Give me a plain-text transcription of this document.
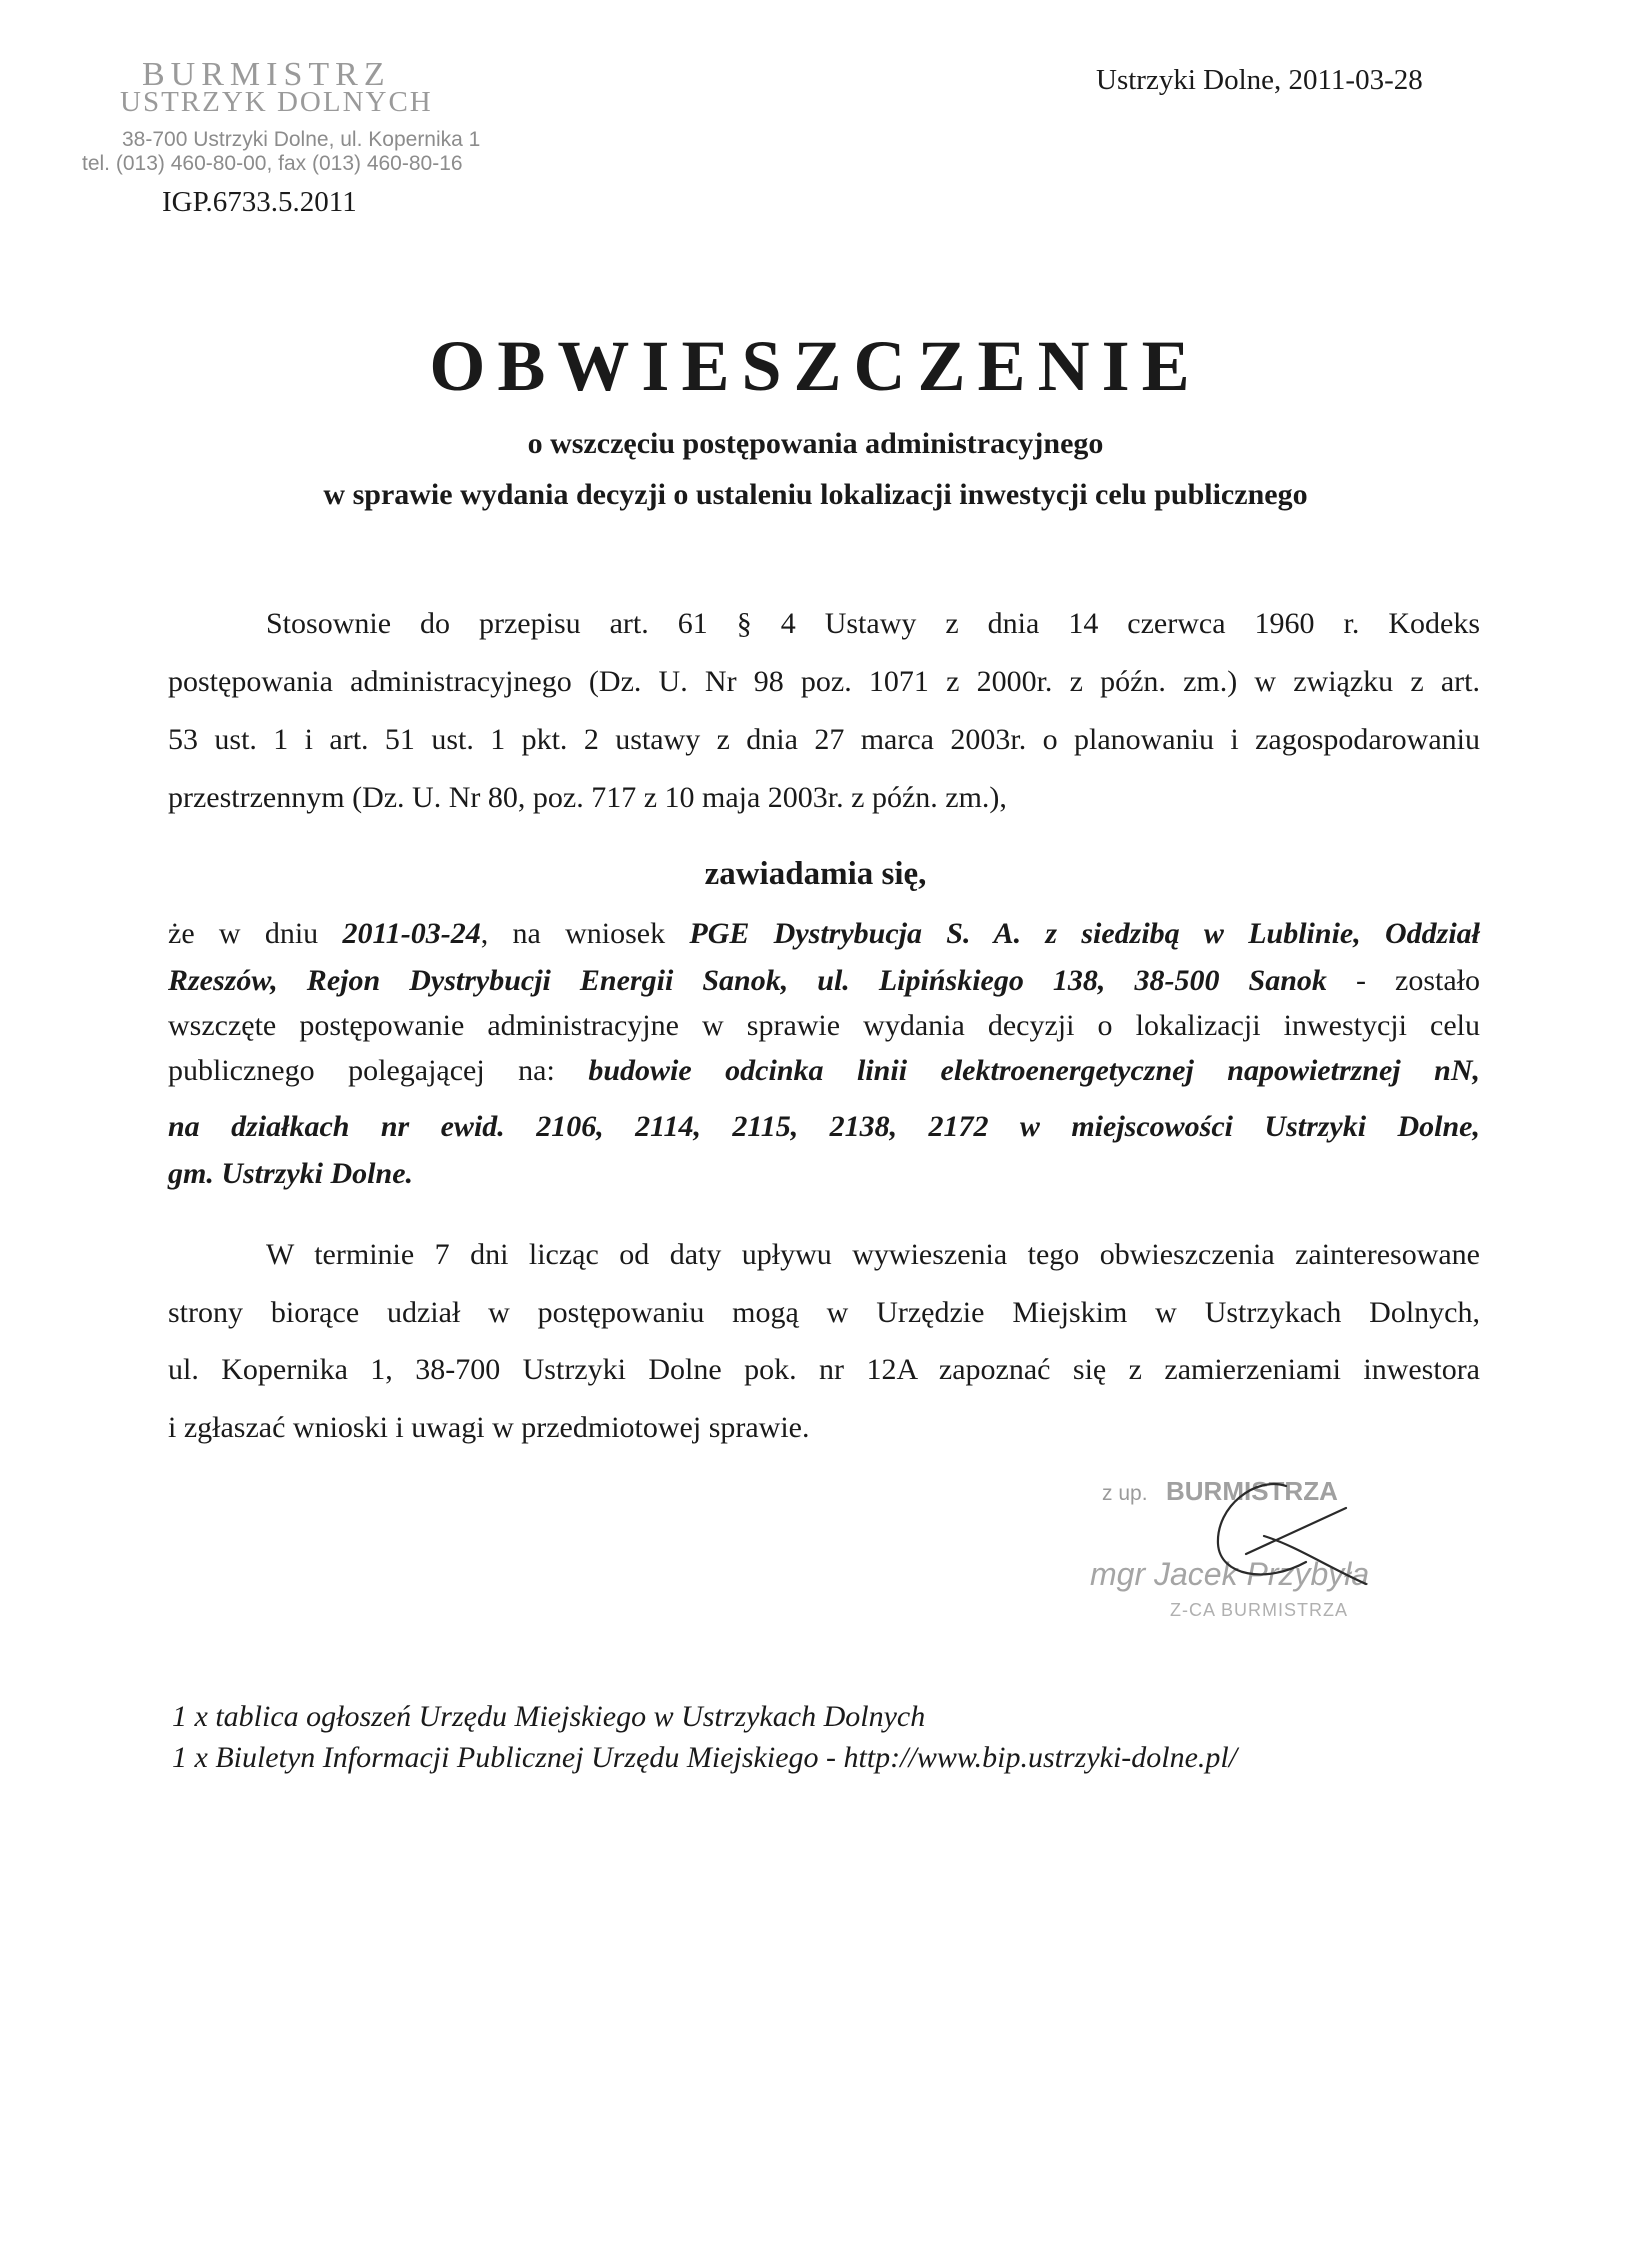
BURMISTRZ
USTRZYK DOLNYCH
38-700 Ustrzyki Dolne, ul. Kopernika 1
tel. (013) 460-80-00, fax (013) 460-80-16
Ustrzyki Dolne, 2011-03-28
IGP.6733.5.2011
OBWIESZCZENIE
o wszczęciu postępowania administracyjnego
w sprawie wydania decyzji o ustaleniu lokalizacji inwestycji celu publicznego
Stosownie do przepisu art. 61 § 4 Ustawy z dnia 14 czerwca 1960 r. Kodeks
postępowania administracyjnego (Dz. U. Nr 98 poz. 1071 z 2000r. z późn. zm.) w związku z art.
53 ust. 1 i art. 51 ust. 1 pkt. 2 ustawy z dnia 27 marca 2003r. o planowaniu i zagospodarowaniu
przestrzennym (Dz. U. Nr 80, poz. 717 z 10 maja 2003r. z późn. zm.),
zawiadamia się,
że w dniu 2011-03-24, na wniosek PGE Dystrybucja S. A. z siedzibą w Lublinie, Oddział
Rzeszów, Rejon Dystrybucji Energii Sanok, ul. Lipińskiego 138, 38-500 Sanok - zostało
wszczęte postępowanie administracyjne w sprawie wydania decyzji o lokalizacji inwestycji celu
publicznego polegającej na: budowie odcinka linii elektroenergetycznej napowietrznej nN,
na działkach nr ewid. 2106, 2114, 2115, 2138, 2172 w miejscowości Ustrzyki Dolne,
gm. Ustrzyki Dolne.
W terminie 7 dni licząc od daty upływu wywieszenia tego obwieszczenia zainteresowane
strony biorące udział w postępowaniu mogą w Urzędzie Miejskim w Ustrzykach Dolnych,
ul. Kopernika 1, 38-700 Ustrzyki Dolne pok. nr 12A zapoznać się z zamierzeniami inwestora
i zgłaszać wnioski i uwagi w przedmiotowej sprawie.
z up. BURMISTRZA
mgr Jacek Przybyła
Z-CA BURMISTRZA
1 x tablica ogłoszeń Urzędu Miejskiego w Ustrzykach Dolnych
1 x Biuletyn Informacji Publicznej Urzędu Miejskiego - http://www.bip.ustrzyki-dolne.pl/
